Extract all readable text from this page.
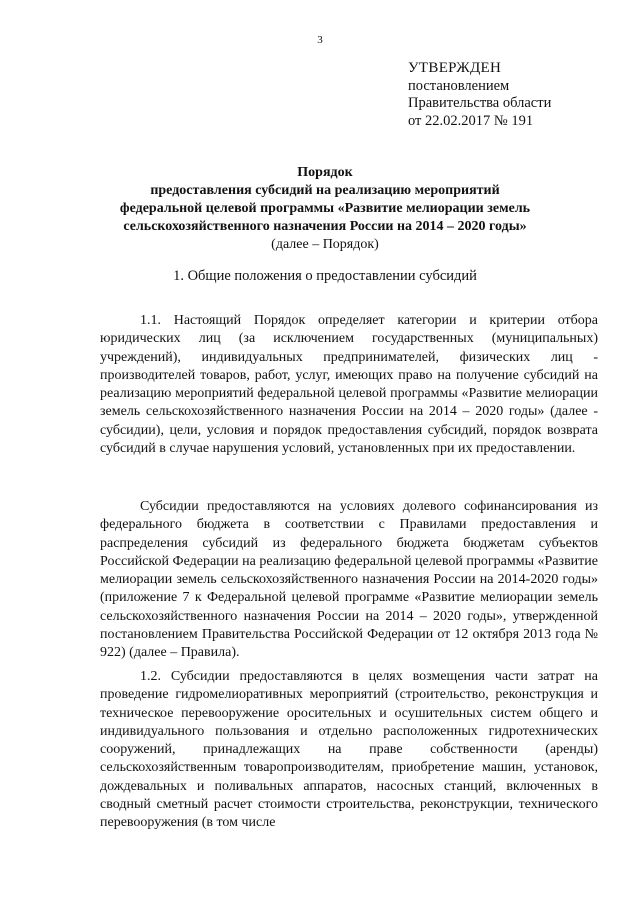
3
УТВЕРЖДЕН
постановлением
Правительства области
от 22.02.2017 № 191
Порядок
предоставления субсидий на реализацию мероприятий
федеральной целевой программы «Развитие мелиорации земель
сельскохозяйственного назначения России на 2014 – 2020 годы»
(далее – Порядок)
1. Общие положения о предоставлении субсидий

1.1. Настоящий Порядок определяет категории и критерии отбора юридических лиц (за исключением государственных (муниципальных) учреждений), индивидуальных предпринимателей, физических лиц - производителей товаров, работ, услуг, имеющих право на получение субсидий на реализацию мероприятий федеральной целевой программы «Развитие мелиорации земель сельскохозяйственного назначения России на 2014 – 2020 годы» (далее - субсидии), цели, условия и порядок предоставления субсидий, порядок возврата субсидий в случае нарушения условий, установленных при их предоставлении.

Субсидии предоставляются на условиях долевого софинансирования из федерального бюджета в соответствии с Правилами предоставления и распределения субсидий из федерального бюджета бюджетам субъектов Российской Федерации на реализацию федеральной целевой программы «Развитие мелиорации земель сельскохозяйственного назначения России на 2014-2020 годы» (приложение 7 к Федеральной целевой программе «Развитие мелиорации земель сельскохозяйственного назначения России на 2014 – 2020 годы», утвержденной постановлением Правительства Российской Федерации от 12 октября 2013 года № 922) (далее – Правила).

1.2. Субсидии предоставляются в целях возмещения части затрат на проведение гидромелиоративных мероприятий (строительство, реконструкция и техническое перевооружение оросительных и осушительных систем общего и индивидуального пользования и отдельно расположенных гидротехнических сооружений, принадлежащих на праве собственности (аренды) сельскохозяйственным товаропроизводителям, приобретение машин, установок, дождевальных и поливальных аппаратов, насосных станций, включенных в сводный сметный расчет стоимости строительства, реконструкции, технического перевооружения (в том числе
